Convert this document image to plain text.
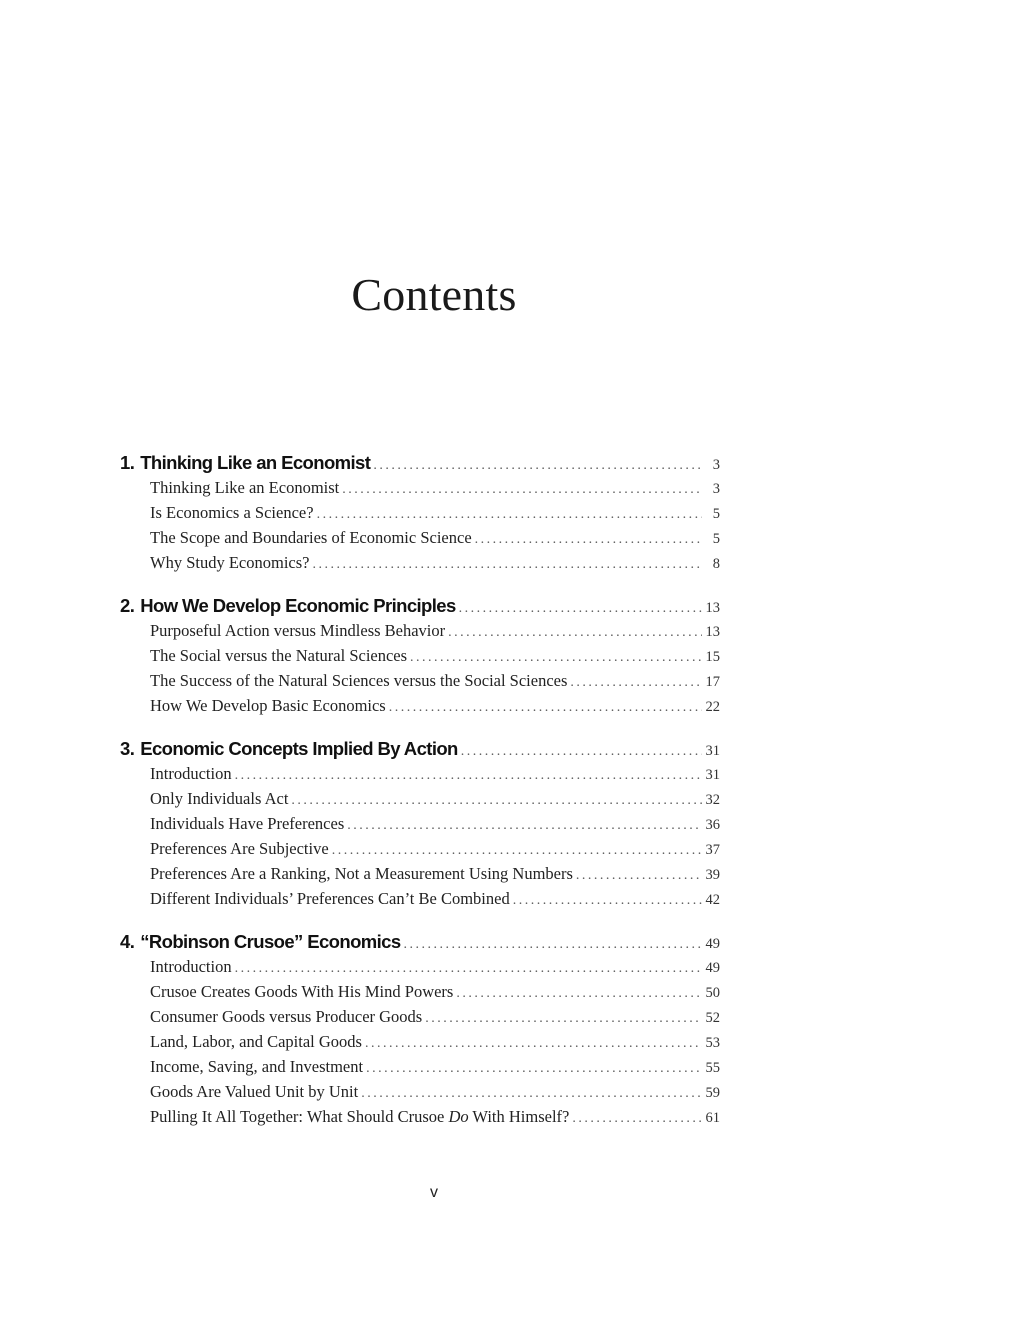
Contents
1. Thinking Like an Economist . . .	3
Thinking Like an Economist . . .	3
Is Economics a Science? . . .	5
The Scope and Boundaries of Economic Science . . .	5
Why Study Economics? . . .	8
2. How We Develop Economic Principles . . .	13
Purposeful Action versus Mindless Behavior . . .	13
The Social versus the Natural Sciences . . .	15
The Success of the Natural Sciences versus the Social Sciences . . .	17
How We Develop Basic Economics . . .	22
3. Economic Concepts Implied By Action . . .	31
Introduction . . .	31
Only Individuals Act . . .	32
Individuals Have Preferences . . .	36
Preferences Are Subjective . . .	37
Preferences Are a Ranking, Not a Measurement Using Numbers . . .	39
Different Individuals’ Preferences Can’t Be Combined . . .	42
4. “Robinson Crusoe” Economics . . .	49
Introduction . . .	49
Crusoe Creates Goods With His Mind Powers . . .	50
Consumer Goods versus Producer Goods . . .	52
Land, Labor, and Capital Goods . . .	53
Income, Saving, and Investment . . .	55
Goods Are Valued Unit by Unit . . .	59
Pulling It All Together: What Should Crusoe Do With Himself? . . .	61
v
